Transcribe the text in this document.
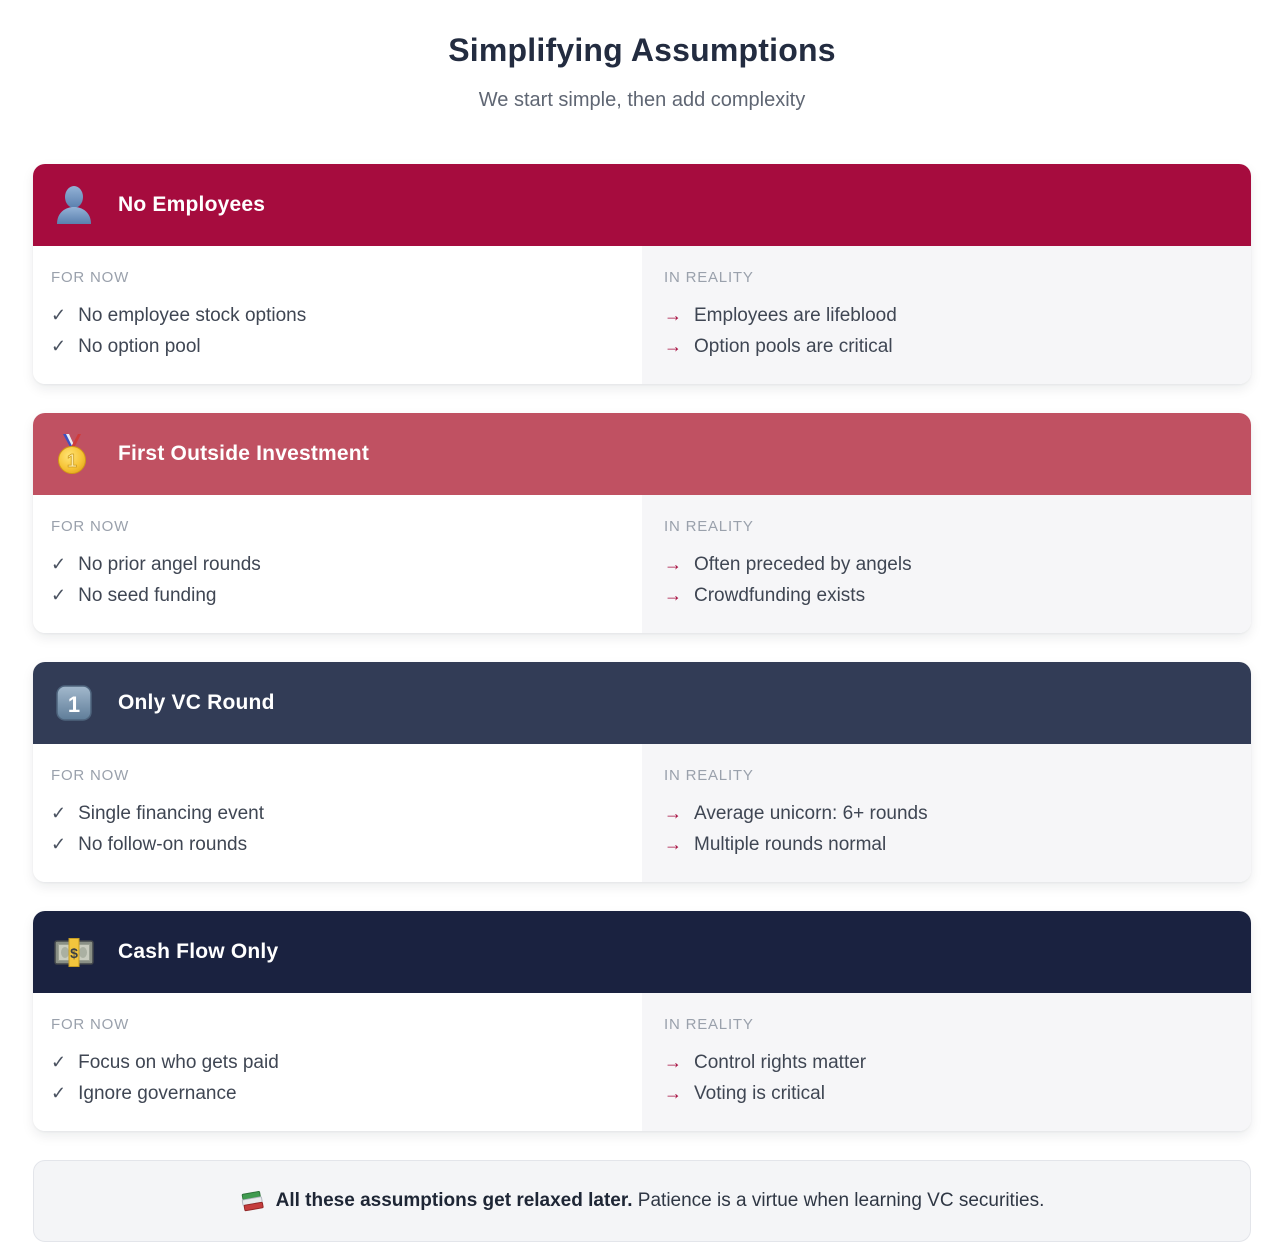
Simplifying Assumptions

We start simple, then add complexity

No Employees
FOR NOW
✓ No employee stock options
✓ No option pool
IN REALITY
→ Employees are lifeblood
→ Option pools are critical
1 First Outside Investment
FOR NOW
✓ No prior angel rounds
✓ No seed funding
IN REALITY
→ Often preceded by angels
→ Crowdfunding exists
1 Only VC Round
FOR NOW
✓ Single financing event
✓ No follow-on rounds
IN REALITY
→ Average unicorn: 6+ rounds
→ Multiple rounds normal
$ Cash Flow Only
FOR NOW
✓ Focus on who gets paid
✓ Ignore governance
IN REALITY
→ Control rights matter
→ Voting is critical
All these assumptions get relaxed later. Patience is a virtue when learning VC securities.
